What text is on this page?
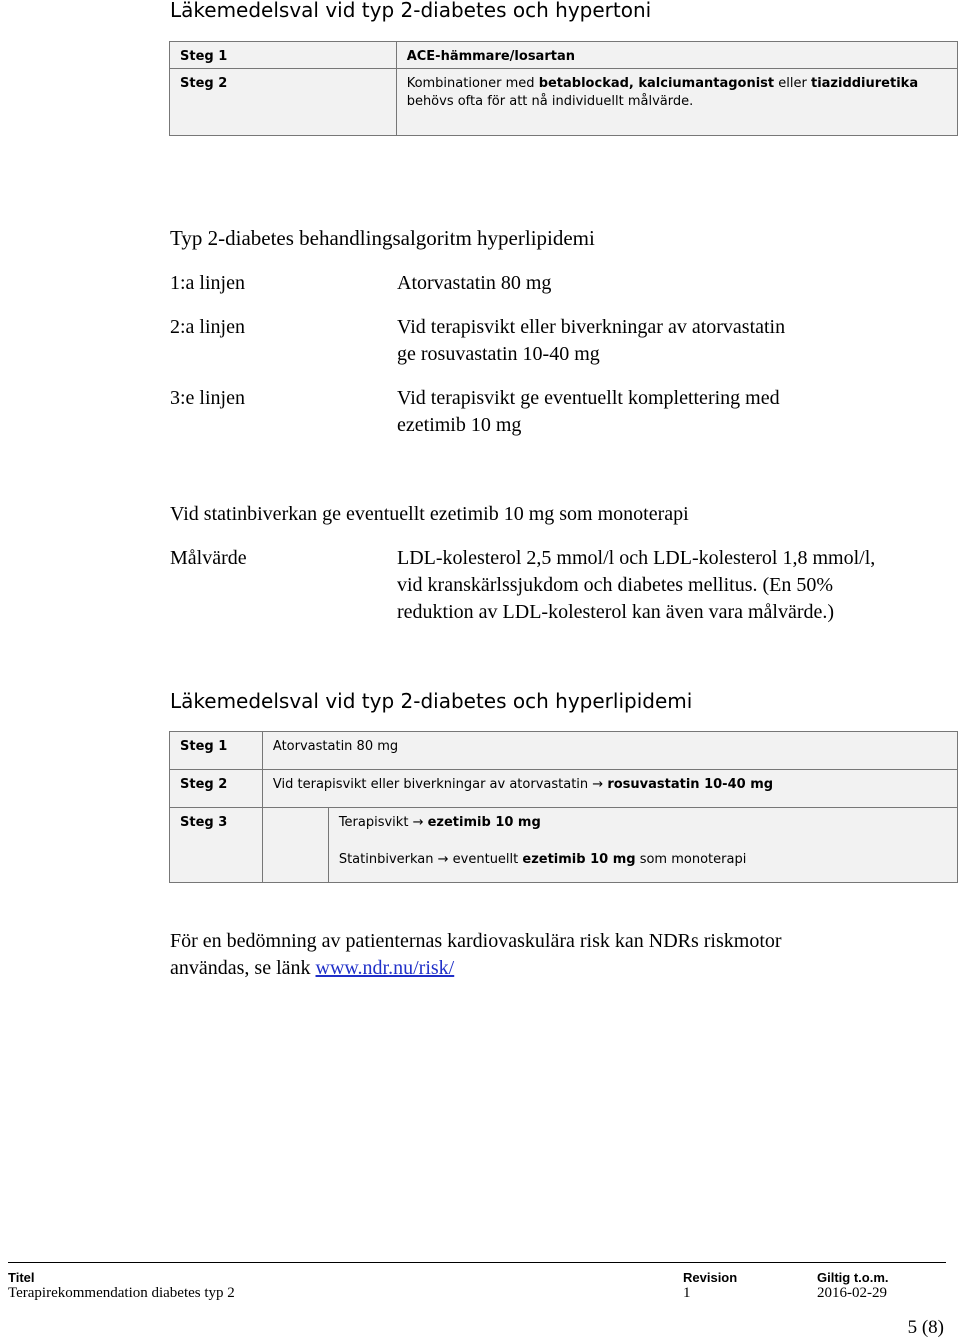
Läkemedelsval vid typ 2-diabetes och hypertoni
Steg 1	ACE-hämmare/losartan

Steg 2	Kombinationer med betablockad, kalciumantagonist eller tiaziddiuretika
behövs ofta för att nå individuellt målvärde.
Typ 2-diabetes behandlingsalgoritm hyperlipidemi
1:a linjen	Atorvastatin 80 mg
2:a linjen	Vid terapisvikt eller biverkningar av atorvastatin
ge rosuvastatin 10-40 mg
3:e linjen	Vid terapisvikt ge eventuellt komplettering med
ezetimib 10 mg
Vid statinbiverkan ge eventuellt ezetimib 10 mg som monoterapi
Målvärde	LDL-kolesterol 2,5 mmol/l och LDL-kolesterol 1,8 mmol/l,
vid kranskärlssjukdom och diabetes mellitus. (En 50%
reduktion av LDL-kolesterol kan även vara målvärde.)
Läkemedelsval vid typ 2-diabetes och hyperlipidemi
Steg 1	Atorvastatin 80 mg	

Steg 2	Vid terapisvikt eller biverkningar av atorvastatin → rosuvastatin 10-40 mg	

Steg 3		Terapisvikt → ezetimib 10 mg
Statinbiverkan → eventuellt ezetimib 10 mg som monoterapi
För en bedömning av patienternas kardiovaskulära risk kan NDRs riskmotor
användas, se länk www.ndr.nu/risk/
Titel
Terapirekommendation diabetes typ 2
Revision
1
Giltig t.o.m.
2016-02-29
5 (8)
